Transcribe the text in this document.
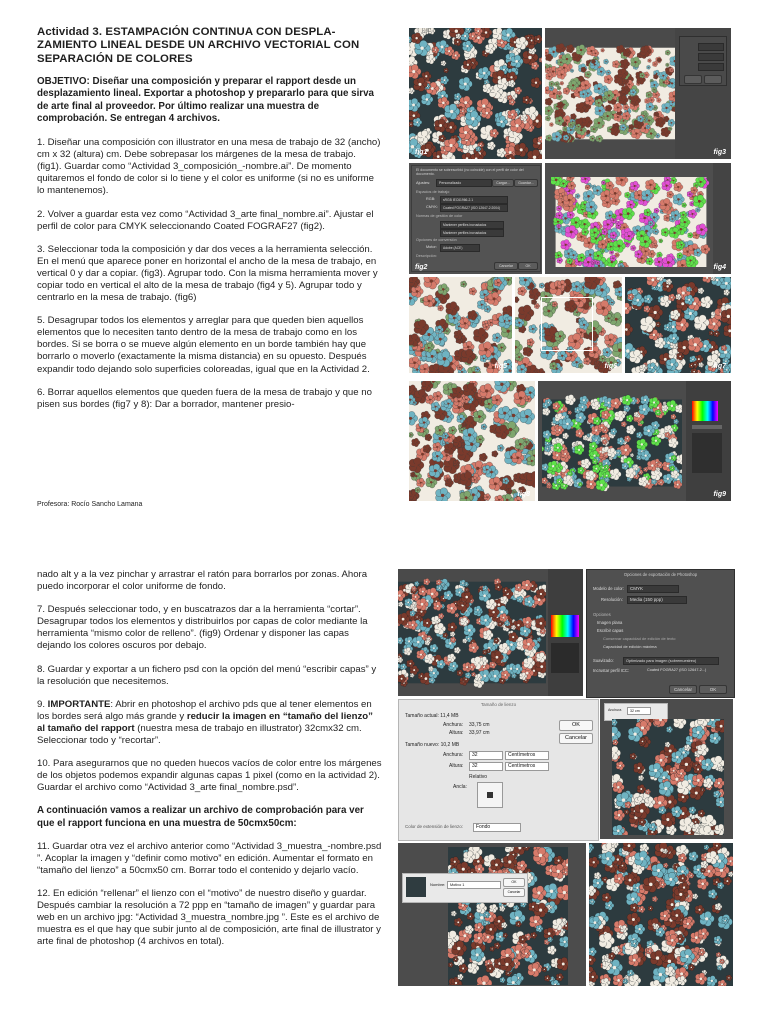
Actividad 3. ESTAMPACIÓN CONTINUA CON DESPLA-ZAMIENTO LINEAL DESDE UN ARCHIVO VECTORIAL CON SEPARACIÓN DE COLORES

OBJETIVO: Diseñar una composición y preparar el rapport desde un desplazamiento lineal. Exportar a photoshop y prepararlo para que sirva de arte final al proveedor. Por último realizar una muestra de comprobación. Se entregan 4 archivos.

1. Diseñar una composición con illustrator en una mesa de trabajo de 32 (ancho) cm x 32 (altura) cm. Debe sobrepasar los márgenes de la mesa de trabajo. (fig1). Guardar como “Actividad 3_composición_-nombre.ai”. De momento quitaremos el fondo de color si lo tiene y el color es uniforme (si no es uniforme lo mantenemos).

2. Volver a guardar esta vez como “Actividad 3_arte final_nombre.ai”. Ajustar el perfil de color para CMYK seleccionando Coated FOGRAF27 (fig2).

3. Seleccionar toda la composición y dar dos veces a la herramienta selección. En el menú que aparece poner en horizontal el ancho de la mesa de trabajo, en vertical 0 y dar a copiar. (fig3). Agrupar todo. Con la misma herramienta mover y copiar todo en vertical el alto de la mesa de trabajo (fig4 y 5). Agrupar todo y centrarlo en la mesa de trabajo. (fig6)

5. Desagrupar todos los elementos y arreglar para que queden bien aquellos elementos que lo necesiten tanto dentro de la mesa de trabajo como en los bordes. Si se borra o se mueve algún elemento en un borde también hay que borrarlo o moverlo (exactamente la misma distancia) en su opuesto. Después expandir todo dejando solo superficies coloreadas, igual que en la Actividad 2.

6. Borrar aquellos elementos que queden fuera de la mesa de trabajo y que no pisen sus bordes (fig7 y 8): Dar a borrador, mantener presio-

Profesora: Rocío Sancho Lamana
fig1	fig3
El documento se sobrescribió (no coincide) con el perfil de color del documento.
Ajustes:	Personalizado	Cargar...	Guardar...
Espacios de trabajo
RGB:	sRGB IEC61966-2.1
CMYK:	Coated FOGRA27 (ISO 12647-2:2004)
Normas de gestión de color
Mantener perfiles incrustados
Mantener perfiles incrustados
Opciones de conversión
Motor:	Adobe (ACE)
Descripción:
Cancelar	OK
fig2	fig4
fig5	fig6	fig7
fig8	fig9

nado alt y a la vez pinchar y arrastrar el ratón para borrarlos por zonas. Ahora puedo incorporar el color uniforme de fondo.

7. Después seleccionar todo, y en buscatrazos dar a la herramienta “cortar”. Desagrupar todos los elementos y distribuirlos por capas de color mediante la herramienta “mismo color de relleno”. (fig9) Ordenar y disponer las capas dejando los colores oscuros por debajo.

8. Guardar y exportar a un fichero psd con la opción del menú “escribir capas” y la resolución que necesitemos.

9. IMPORTANTE: Abrir en photoshop el archivo pds que al tener elementos en los bordes será algo más grande y reducir la imagen en “tamaño del lienzo” al tamaño del rapport (nuestra mesa de trabajo en illustrator) 32cmx32 cm. Seleccionar todo y “recortar”.

10. Para asegurarnos que no queden huecos vacíos de color entre los márgenes de los objetos podemos expandir algunas capas 1 pixel (como en la actividad 2). Guardar el archivo como “Actividad 3_arte final_nombre.psd”.

A continuación vamos a realizar un archivo de comprobación para ver que el rapport funciona en una muestra de 50cmx50cm:

11. Guardar otra vez el archivo anterior como “Actividad 3_muestra_-nombre.psd ”. Acoplar la imagen y “definir como motivo” en edición. Aumentar el formato en “tamaño del lienzo” a 50cmx50 cm. Borrar todo el contenido y dejarlo vacío.

12. En edición “rellenar” el lienzo con el “motivo” de nuestro diseño y guardar. Después cambiar la resolución a 72 ppp en “tamaño de imagen” y guardar para web en un archivo jpg: “Actividad 3_muestra_nombre.jpg ”. Este es el archivo de muestra es el que hay que subir junto al de composición, arte final de illustrator y arte final de photoshop (4 archivos en total).

Opciones de exportación de Photoshop
Modelo de color:	CMYK
Resolución:	Media (150 ppp)
Opciones
Imagen plana
Escribir capas
Conservar capacidad de edición de texto
Capacidad de edición máxima
Suavizado:	Optimizado para imagen (sobremuestreo)
Incrustar perfil ICC:	Coated FOGRA27 (ISO 12647-2...)
Cancelar	OK
Tamaño de lienzo
Tamaño actual: 11,4 MB
Anchura: 33,75 cm
Altura: 33,97 cm
Tamaño nuevo: 10,2 MB
Anchura:	32	Centímetros
Altura:	32	Centímetros
Relativo
Ancla:
Color de extensión de lienzo:	Fondo
OK
Cancelar
Anchura	32 cm
Nombre:	Motivo 1
OK
Cancelar
